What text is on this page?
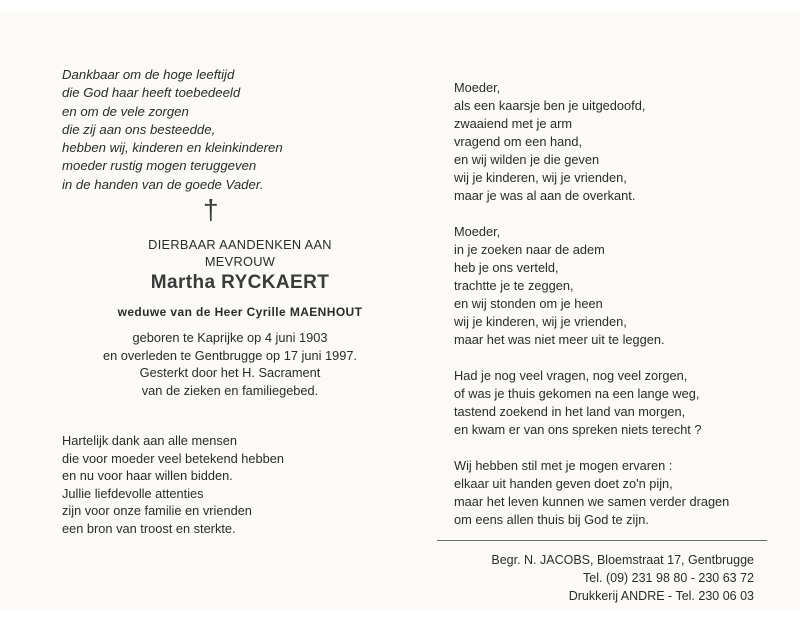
Dankbaar om de hoge leeftijd
die God haar heeft toebedeeld
en om de vele zorgen
die zij aan ons besteedde,
hebben wij, kinderen en kleinkinderen
moeder rustig mogen teruggeven
in de handen van de goede Vader.
†
DIERBAAR AANDENKEN AAN
MEVROUW
Martha RYCKAERT
weduwe van de Heer Cyrille MAENHOUT
geboren te Kaprijke op 4 juni 1903
en overleden te Gentbrugge op 17 juni 1997.
Gesterkt door het H. Sacrament
van de zieken en familiegebed.
Hartelijk dank aan alle mensen
die voor moeder veel betekend hebben
en nu voor haar willen bidden.
Jullie liefdevolle attenties
zijn voor onze familie en vrienden
een bron van troost en sterkte.
Moeder,
als een kaarsje ben je uitgedoofd,
zwaaiend met je arm
vragend om een hand,
en wij wilden je die geven
wij je kinderen, wij je vrienden,
maar je was al aan de overkant.
Moeder,
in je zoeken naar de adem
heb je ons verteld,
trachtte je te zeggen,
en wij stonden om je heen
wij je kinderen, wij je vrienden,
maar het was niet meer uit te leggen.
Had je nog veel vragen, nog veel zorgen,
of was je thuis gekomen na een lange weg,
tastend zoekend in het land van morgen,
en kwam er van ons spreken niets terecht ?
Wij hebben stil met je mogen ervaren :
elkaar uit handen geven doet zo'n pijn,
maar het leven kunnen we samen verder dragen
om eens allen thuis bij God te zijn.
Begr. N. JACOBS, Bloemstraat 17, Gentbrugge
Tel. (09) 231 98 80 - 230 63 72
Drukkerij ANDRE - Tel. 230 06 03
